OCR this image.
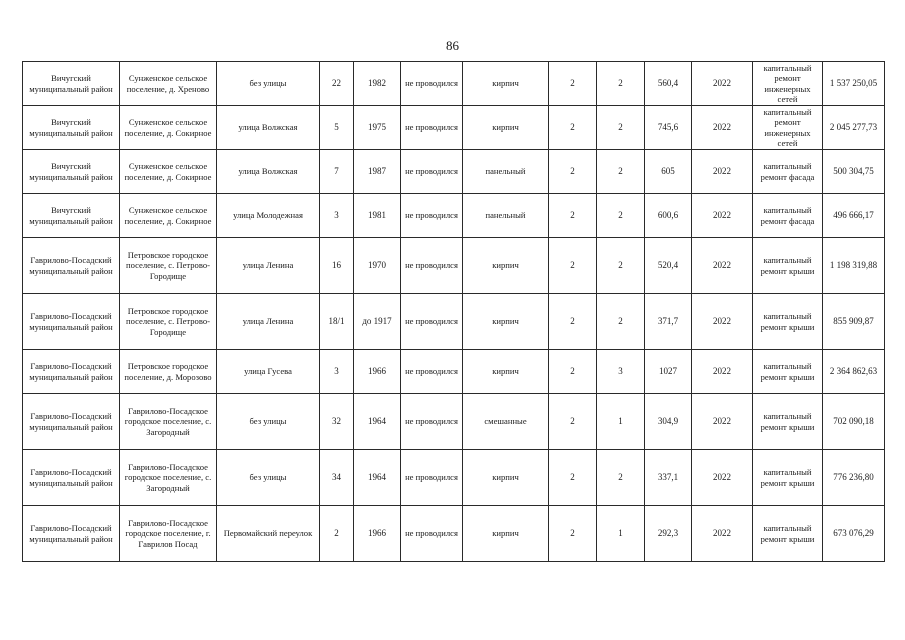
86
Вичугский муниципальный район	Сунженское сельское поселение, д. Хреново	без улицы	22	1982	не проводился	кирпич	2	2	560,4	2022	капитальный ремонт инженерных сетей	1 537 250,05
Вичугский муниципальный район	Сунженское сельское поселение, д. Сокирное	улица Волжская	5	1975	не проводился	кирпич	2	2	745,6	2022	капитальный ремонт инженерных сетей	2 045 277,73
Вичугский муниципальный район	Сунженское сельское поселение, д. Сокирное	улица Волжская	7	1987	не проводился	панельный	2	2	605	2022	капитальный ремонт фасада	500 304,75
Вичугский муниципальный район	Сунженское сельское поселение, д. Сокирное	улица Молодежная	3	1981	не проводился	панельный	2	2	600,6	2022	капитальный ремонт фасада	496 666,17
Гаврилово-Посадский муниципальный район	Петровское городское поселение, с. Петрово-Городище	улица Ленина	16	1970	не проводился	кирпич	2	2	520,4	2022	капитальный ремонт крыши	1 198 319,88
Гаврилово-Посадский муниципальный район	Петровское городское поселение, с. Петрово-Городище	улица Ленина	18/1	до 1917	не проводился	кирпич	2	2	371,7	2022	капитальный ремонт крыши	855 909,87
Гаврилово-Посадский муниципальный район	Петровское городское поселение, д. Морозово	улица Гусева	3	1966	не проводился	кирпич	2	3	1027	2022	капитальный ремонт крыши	2 364 862,63
Гаврилово-Посадский муниципальный район	Гаврилово-Посадское городское поселение, с. Загородный	без улицы	32	1964	не проводился	смешанные	2	1	304,9	2022	капитальный ремонт крыши	702 090,18
Гаврилово-Посадский муниципальный район	Гаврилово-Посадское городское поселение, с. Загородный	без улицы	34	1964	не проводился	кирпич	2	2	337,1	2022	капитальный ремонт крыши	776 236,80
Гаврилово-Посадский муниципальный район	Гаврилово-Посадское городское поселение, г. Гаврилов Посад	Первомайский переулок	2	1966	не проводился	кирпич	2	1	292,3	2022	капитальный ремонт крыши	673 076,29
